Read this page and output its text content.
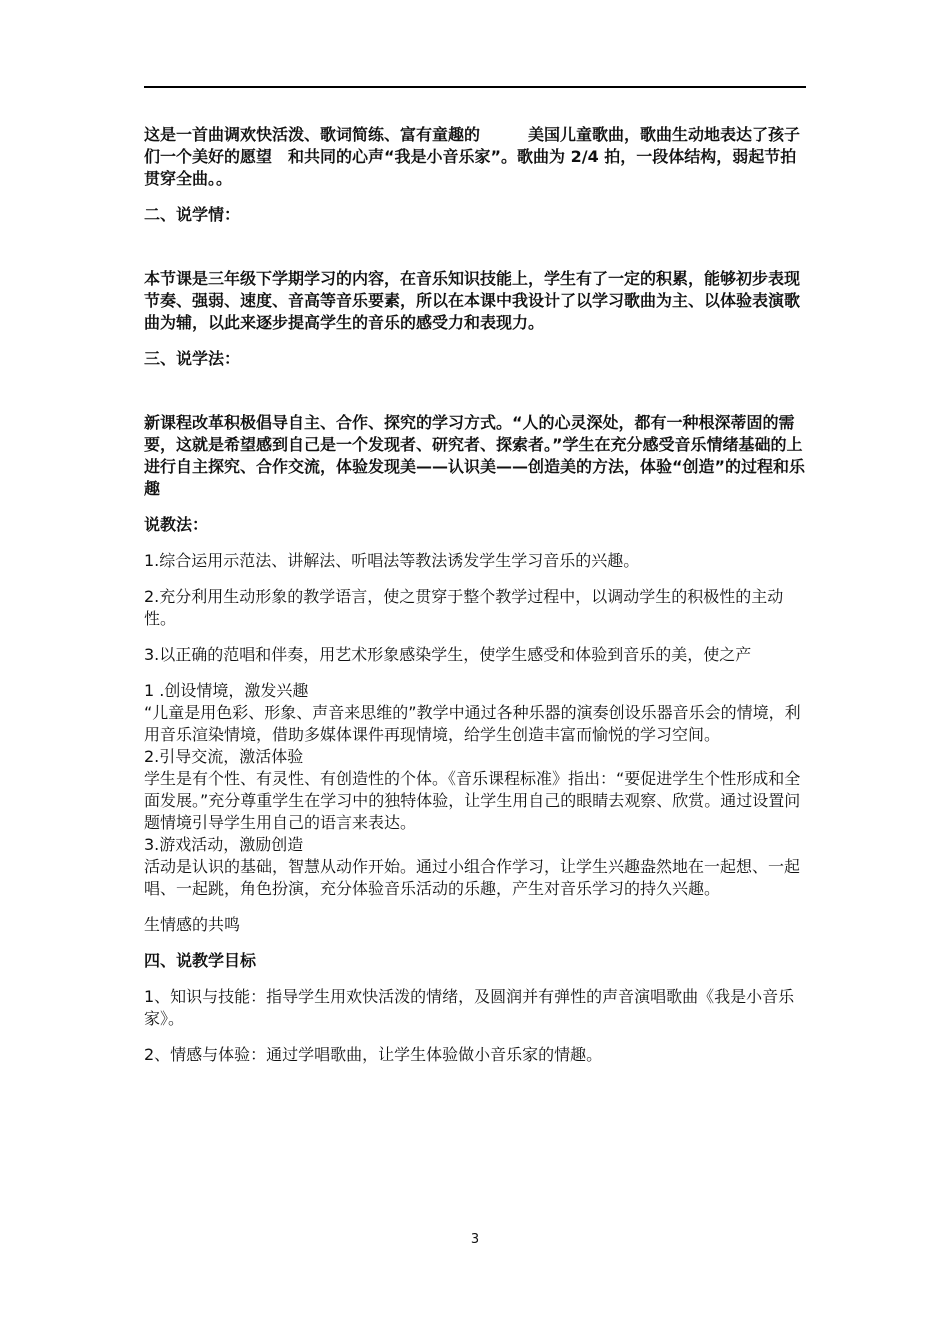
这是一首曲调欢快活泼、歌词简练、富有童趣的　　　美国儿童歌曲，歌曲生动地表达了孩子们一个美好的愿望　和共同的心声“我是小音乐家”。歌曲为 2/4 拍，一段体结构，弱起节拍贯穿全曲。。

二、说学情：

本节课是三年级下学期学习的内容，在音乐知识技能上，学生有了一定的积累，能够初步表现节奏、强弱、速度、音高等音乐要素，所以在本课中我设计了以学习歌曲为主、以体验表演歌曲为辅，以此来逐步提高学生的音乐的感受力和表现力。

三、说学法：

新课程改革积极倡导自主、合作、探究的学习方式。“人的心灵深处，都有一种根深蒂固的需要，这就是希望感到自己是一个发现者、研究者、探索者。”学生在充分感受音乐情绪基础的上进行自主探究、合作交流，体验发现美——认识美——创造美的方法，体验“创造”的过程和乐趣

说教法：

1.综合运用示范法、讲解法、听唱法等教法诱发学生学习音乐的兴趣。

2.充分利用生动形象的教学语言，使之贯穿于整个教学过程中，以调动学生的积极性的主动性。

3.以正确的范唱和伴奏，用艺术形象感染学生，使学生感受和体验到音乐的美，使之产

1 .创设情境，激发兴趣

“儿童是用色彩、形象、声音来思维的”教学中通过各种乐器的演奏创设乐器音乐会的情境，利用音乐渲染情境，借助多媒体课件再现情境，给学生创造丰富而愉悦的学习空间。

2.引导交流，激活体验

学生是有个性、有灵性、有创造性的个体。《音乐课程标准》指出：“要促进学生个性形成和全面发展。”充分尊重学生在学习中的独特体验，让学生用自己的眼睛去观察、欣赏。通过设置问题情境引导学生用自己的语言来表达。

3.游戏活动，激励创造

活动是认识的基础，智慧从动作开始。通过小组合作学习，让学生兴趣盎然地在一起想、一起唱、一起跳，角色扮演，充分体验音乐活动的乐趣，产生对音乐学习的持久兴趣。

生情感的共鸣

四、说教学目标

1、知识与技能：指导学生用欢快活泼的情绪，及圆润并有弹性的声音演唱歌曲《我是小音乐家》。

2、情感与体验：通过学唱歌曲，让学生体验做小音乐家的情趣。

3
